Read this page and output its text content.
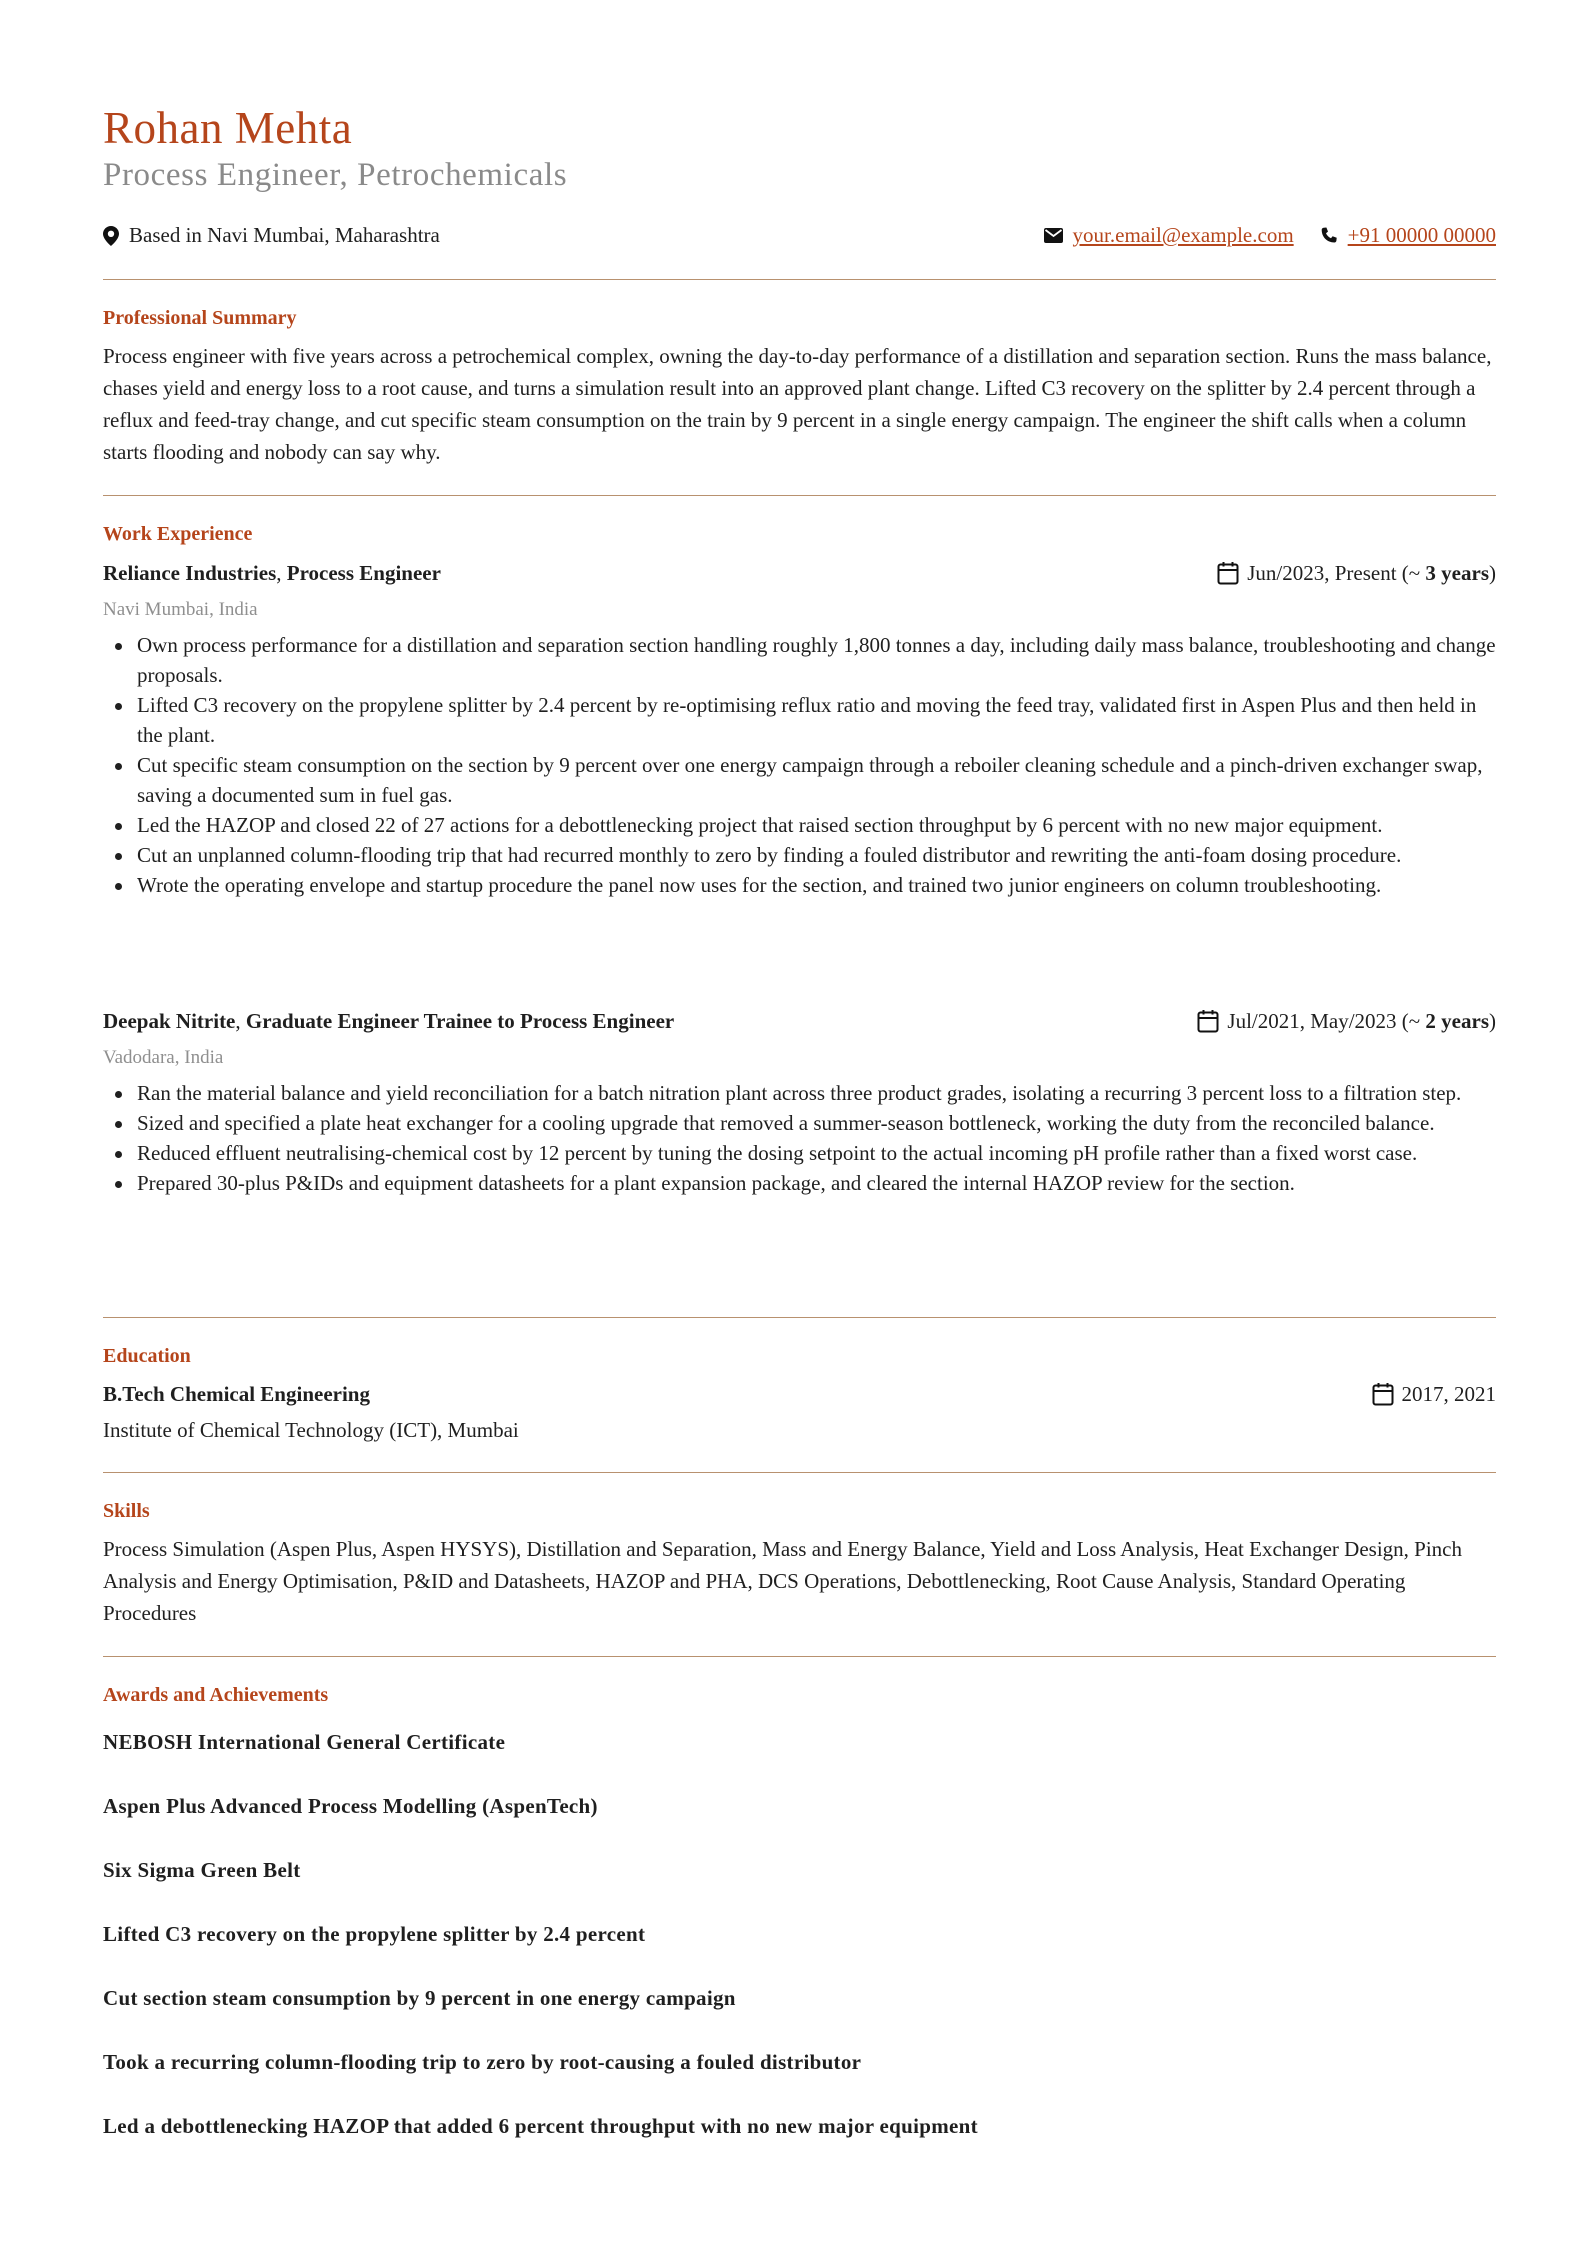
Rohan Mehta
Process Engineer, Petrochemicals
Based in Navi Mumbai, Maharashtra	your.email@example.com	+91 00000 00000
Professional Summary
Process engineer with five years across a petrochemical complex, owning the day-to-day performance of a distillation and separation section. Runs the mass balance, chases yield and energy loss to a root cause, and turns a simulation result into an approved plant change. Lifted C3 recovery on the splitter by 2.4 percent through a reflux and feed-tray change, and cut specific steam consumption on the train by 9 percent in a single energy campaign. The engineer the shift calls when a column starts flooding and nobody can say why.
Work Experience
Reliance Industries, Process Engineer	Jun/2023, Present (~ 3 years)
Navi Mumbai, India
Own process performance for a distillation and separation section handling roughly 1,800 tonnes a day, including daily mass balance, troubleshooting and change proposals.
Lifted C3 recovery on the propylene splitter by 2.4 percent by re-optimising reflux ratio and moving the feed tray, validated first in Aspen Plus and then held in the plant.
Cut specific steam consumption on the section by 9 percent over one energy campaign through a reboiler cleaning schedule and a pinch-driven exchanger swap, saving a documented sum in fuel gas.
Led the HAZOP and closed 22 of 27 actions for a debottlenecking project that raised section throughput by 6 percent with no new major equipment.
Cut an unplanned column-flooding trip that had recurred monthly to zero by finding a fouled distributor and rewriting the anti-foam dosing procedure.
Wrote the operating envelope and startup procedure the panel now uses for the section, and trained two junior engineers on column troubleshooting.
Deepak Nitrite, Graduate Engineer Trainee to Process Engineer	Jul/2021, May/2023 (~ 2 years)
Vadodara, India
Ran the material balance and yield reconciliation for a batch nitration plant across three product grades, isolating a recurring 3 percent loss to a filtration step.
Sized and specified a plate heat exchanger for a cooling upgrade that removed a summer-season bottleneck, working the duty from the reconciled balance.
Reduced effluent neutralising-chemical cost by 12 percent by tuning the dosing setpoint to the actual incoming pH profile rather than a fixed worst case.
Prepared 30-plus P&IDs and equipment datasheets for a plant expansion package, and cleared the internal HAZOP review for the section.
Education
B.Tech Chemical Engineering	2017, 2021
Institute of Chemical Technology (ICT), Mumbai
Skills
Process Simulation (Aspen Plus, Aspen HYSYS), Distillation and Separation, Mass and Energy Balance, Yield and Loss Analysis, Heat Exchanger Design, Pinch Analysis and Energy Optimisation, P&ID and Datasheets, HAZOP and PHA, DCS Operations, Debottlenecking, Root Cause Analysis, Standard Operating Procedures
Awards and Achievements
NEBOSH International General Certificate
Aspen Plus Advanced Process Modelling (AspenTech)
Six Sigma Green Belt
Lifted C3 recovery on the propylene splitter by 2.4 percent
Cut section steam consumption by 9 percent in one energy campaign
Took a recurring column-flooding trip to zero by root-causing a fouled distributor
Led a debottlenecking HAZOP that added 6 percent throughput with no new major equipment
